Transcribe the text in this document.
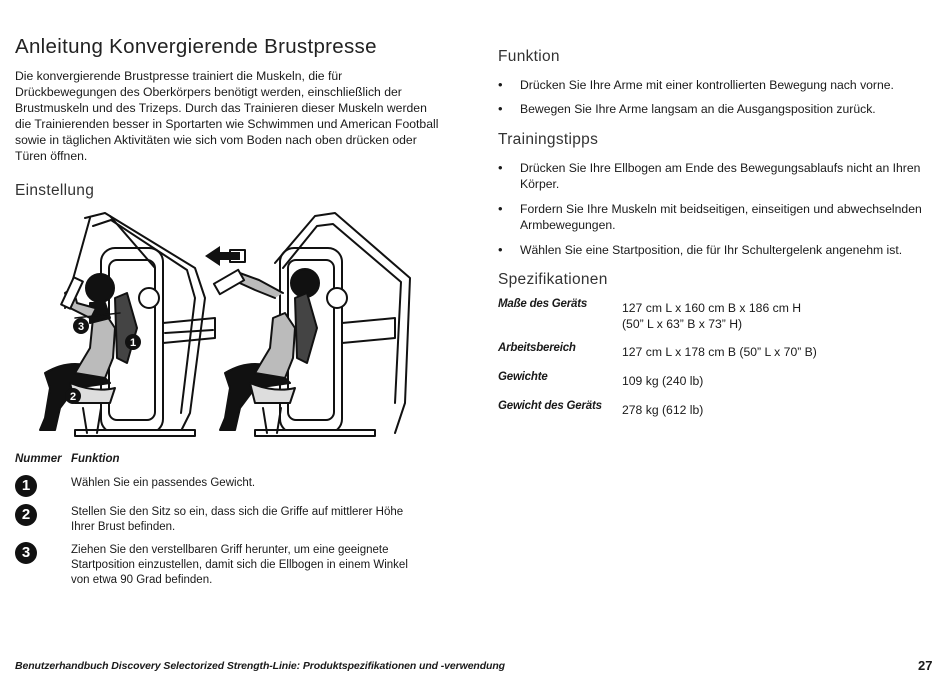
Anleitung Konvergierende Brustpresse
Die konvergierende Brustpresse trainiert die Muskeln, die für
Drückbewegungen des Oberkörpers benötigt werden, einschließlich der
Brustmuskeln und des Trizeps. Durch das Trainieren dieser Muskeln werden
die Trainierenden besser in Sportarten wie Schwimmen und American Football
sowie in täglichen Aktivitäten wie sich vom Boden nach oben drücken oder
Türen öffnen.
Einstellung
1
2
3
Nummer Funktion
1	Wählen Sie ein passendes Gewicht.
2	Stellen Sie den Sitz so ein, dass sich die Griffe auf mittlerer Höhe
Ihrer Brust befinden.
3	Ziehen Sie den verstellbaren Griff herunter, um eine geeignete
Startposition einzustellen, damit sich die Ellbogen in einem Winkel
von etwa 90 Grad befinden.
Funktion
• Drücken Sie Ihre Arme mit einer kontrollierten Bewegung nach vorne.
• Bewegen Sie Ihre Arme langsam an die Ausgangsposition zurück.
Trainingstipps
• Drücken Sie Ihre Ellbogen am Ende des Bewegungsablaufs nicht an Ihren
Körper.
• Fordern Sie Ihre Muskeln mit beidseitigen, einseitigen und abwechselnden
Armbewegungen.
• Wählen Sie eine Startposition, die für Ihr Schultergelenk angenehm ist.
Spezifikationen
Maße des Geräts	127 cm L x 160 cm B x 186 cm H
(50” L x 63” B x 73” H)
Arbeitsbereich	127 cm L x 178 cm B (50” L x 70” B)
Gewichte	109 kg (240 lb)
Gewicht des Geräts 278 kg (612 lb)
Benutzerhandbuch Discovery Selectorized Strength-Linie: Produktspezifikationen und -verwendung	27
